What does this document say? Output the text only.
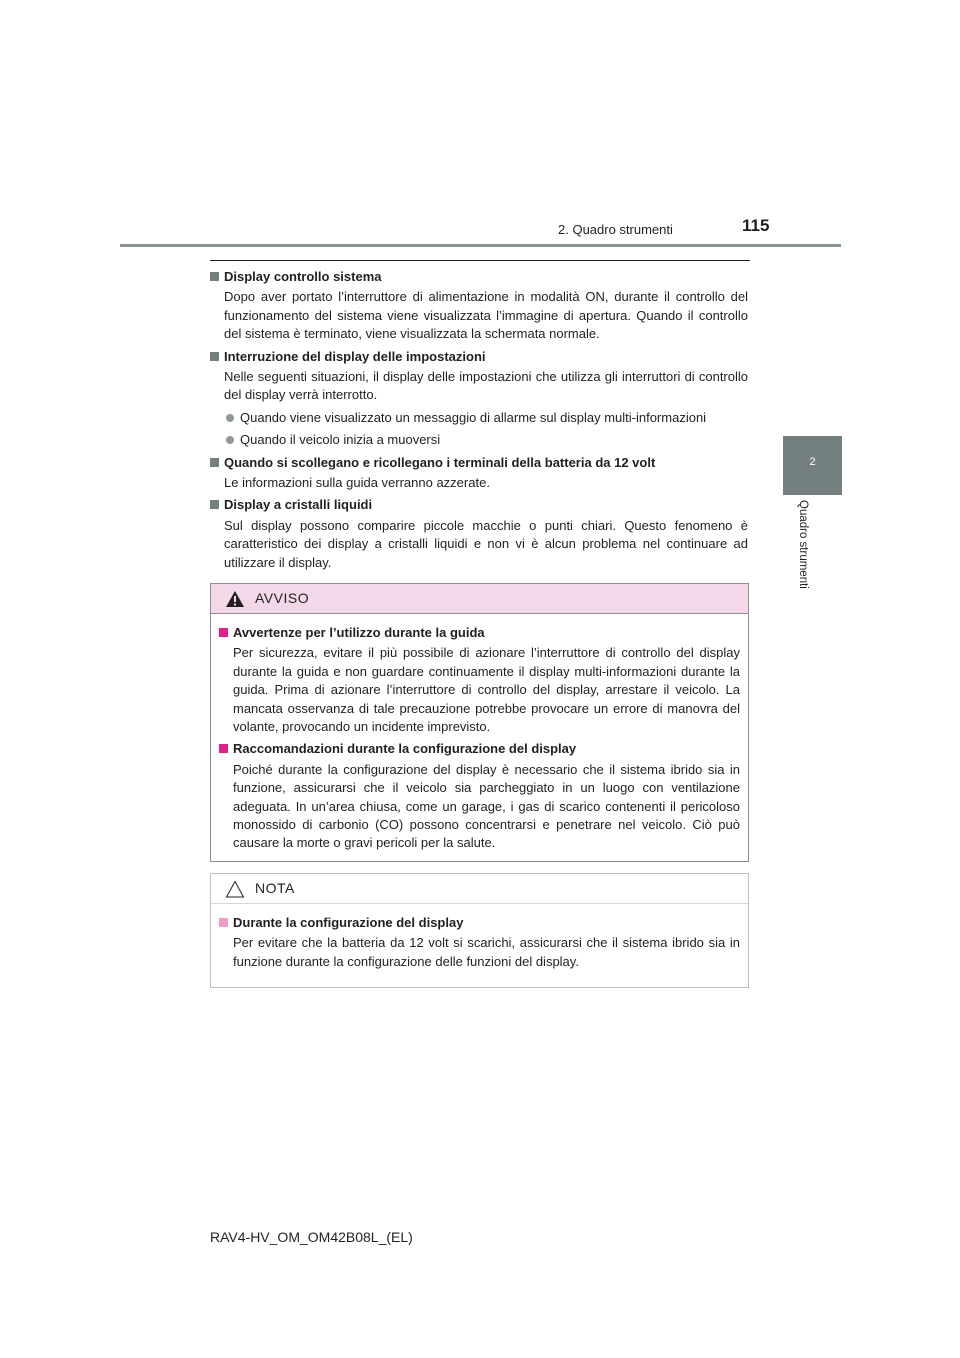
2. Quadro strumenti	115
2
Quadro strumenti

Display controllo sistema

Dopo aver portato l’interruttore di alimentazione in modalità ON, durante il controllo del funzionamento del sistema viene visualizzata l’immagine di apertura. Quando il controllo del sistema è terminato, viene visualizzata la schermata normale.

Interruzione del display delle impostazioni

Nelle seguenti situazioni, il display delle impostazioni che utilizza gli interruttori di controllo del display verrà interrotto.

Quando viene visualizzato un messaggio di allarme sul display multi-informazioni

Quando il veicolo inizia a muoversi

Quando si scollegano e ricollegano i terminali della batteria da 12 volt

Le informazioni sulla guida verranno azzerate.

Display a cristalli liquidi

Sul display possono comparire piccole macchie o punti chiari. Questo fenomeno è caratteristico dei display a cristalli liquidi e non vi è alcun problema nel continuare ad utilizzare il display.

AVVISO

Avvertenze per l’utilizzo durante la guida

Per sicurezza, evitare il più possibile di azionare l’interruttore di controllo del display durante la guida e non guardare continuamente il display multi-informazioni durante la guida. Prima di azionare l’interruttore di controllo del display, arrestare il veicolo. La mancata osservanza di tale precauzione potrebbe provocare un errore di manovra del volante, provocando un incidente imprevisto.

Raccomandazioni durante la configurazione del display

Poiché durante la configurazione del display è necessario che il sistema ibrido sia in funzione, assicurarsi che il veicolo sia parcheggiato in un luogo con ventilazione adeguata. In un’area chiusa, come un garage, i gas di scarico contenenti il pericoloso monossido di carbonio (CO) possono concentrarsi e penetrare nel veicolo. Ciò può causare la morte o gravi pericoli per la salute.

NOTA

Durante la configurazione del display

Per evitare che la batteria da 12 volt si scarichi, assicurarsi che il sistema ibrido sia in funzione durante la configurazione delle funzioni del display.

RAV4-HV_OM_OM42B08L_(EL)
